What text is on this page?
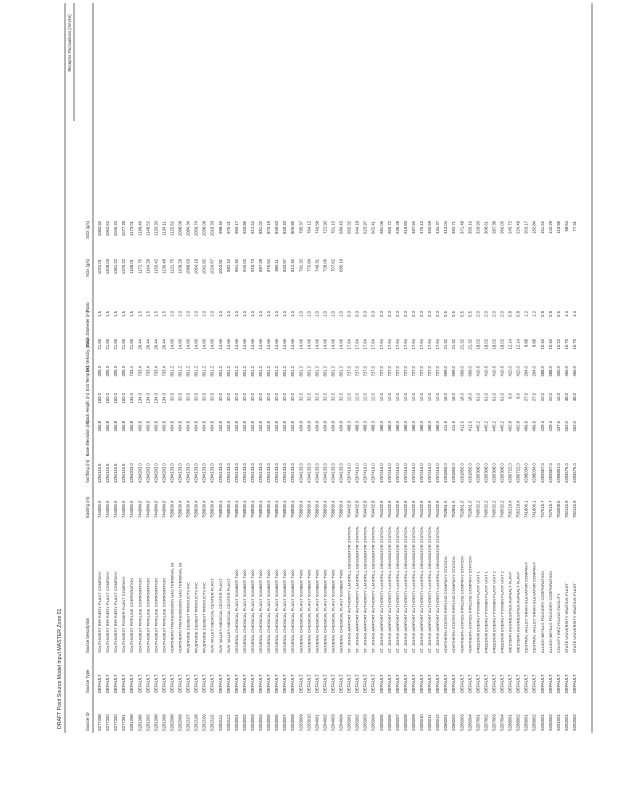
DRAFT Point Source Model Input MASTER Zone 01
Receptor Fluctuations (mm/Hr)
Source ID
Source Type
Source Description
Easting (m)
Northing (m)
Base Elevation (m)
Stack Height (m)
Exit Temp (K)
Exit Velocity (m/s)
Stack Diameter (m)
Ratio
NOx (g/s)
SO2 (g/s)
S277498
DEFAULT
SOUTHWEST REFINERY PLANT COMPANY
744984.6
4294115.5
450.8
183.0
305.3
21.66
1.5
1022.01
1082.60
S277332
DEFAULT
SOUTHWEST REFINERY PLANT COMPANY
744984.6
4294115.5
450.8
182.0
305.3
21.66
1.5
1408.03
1062.62
S277332
DEFAULT
SOUTHWEST REFINERY PLANT COMPANY
744984.6
4294115.5
450.8
182.0
305.3
21.66
1.5
1361.22
1046.24
S277391
DEFAULT
SOUTHWEST POWER PLANT COMPANY
744984.6
4294115.5
450.8
182.0
305.3
21.66
1.5
1376.22
1077.28
S281098
DEFAULT
SOUTHWEST PIPELINE CORPORATION
744984.6
4294203.0
450.8
134.0
733.4
21.66
1.5
1158.01
1173.01
S281086
DEFAULT
SOUTHWEST PIPELINE CORPORATION
744984.6
4294203.0
450.8
134.0
733.4
26.44
1.5
1172.76
1198.46
S281092
DEFAULT
SOUTHWEST PIPELINE CORPORATION
744984.6
4294203.0
450.8
134.0
733.4
26.44
1.5
1164.28
1148.52
S281098
DEFAULT
SOUTHWEST PIPELINE CORPORATION
744984.6
4294203.0
450.8
134.0
733.4
26.44
1.5
1150.42
1133.20
S281099
DEFAULT
SOUTHWEST PIPELINE CORPORATION
744984.6
4294203.0
450.8
134.0
733.4
26.44
1.5
1136.48
1134.11
S282098
DEFAULT
NORTHERN TRANSMISSION GAS TERMINAL 03
758830.4
4294133.0
434.8
32.0
801.2
14.66
1.0
1121.75
1125.62
S282099
DEFAULT
NORTHERN TRANSMISSION GAS TERMINAL 03
758830.4
4294133.0
434.8
32.0
801.2
14.66
1.0
1108.29
1098.09
S282107
DEFAULT
RIVERSIDE CEMENT PRODUCTS INC
758830.4
4294133.0
434.8
32.0
801.2
14.66
1.0
1088.63
1084.34
S282108
DEFAULT
RIVERSIDE CEMENT PRODUCTS INC
758830.4
4294133.0
434.8
32.0
801.2
14.66
1.0
1064.19
1059.74
S282109
DEFAULT
RIVERSIDE CEMENT PRODUCTS INC
758830.4
4294133.0
434.8
32.0
801.2
14.66
1.0
1042.82
1038.09
S282110
DEFAULT
SUN VALLEY MEDICAL CENTER PLANT
758830.4
4294133.0
434.8
32.0
801.2
14.66
1.0
1024.67
1018.33
S282111
DEFAULT
SUN VALLEY MEDICAL CENTER PLANT
758830.4
4294133.0
434.8
32.0
801.2
14.66
1.0
1003.81
998.46
S282112
DEFAULT
SUN VALLEY MEDICAL CENTER PLANT
758830.4
4294133.0
434.8
32.0
801.2
14.66
1.0
982.15
976.21
S283001
DEFAULT
GENERAL CHEMICAL PLANT NUMBER TWO
758830.4
4294133.0
434.8
32.0
801.2
14.66
1.0
961.46
955.17
S283002
DEFAULT
GENERAL CHEMICAL PLANT NUMBER TWO
758830.4
4294133.0
434.8
32.0
801.2
14.66
1.0
940.02
933.86
S283003
DEFAULT
GENERAL CHEMICAL PLANT NUMBER TWO
758830.4
4294133.0
434.8
32.0
801.2
14.66
1.0
918.73
912.44
S283004
DEFAULT
GENERAL CHEMICAL PLANT NUMBER TWO
758830.4
4294133.0
434.8
32.0
801.2
14.66
1.0
897.28
891.02
S283005
DEFAULT
GENERAL CHEMICAL PLANT NUMBER TWO
758830.4
4294133.0
434.8
32.0
801.2
14.66
1.0
876.54
870.19
S283006
DEFAULT
GENERAL CHEMICAL PLANT NUMBER TWO
758830.4
4294133.0
434.8
32.0
801.2
14.66
1.0
855.11
849.63
S283007
DEFAULT
GENERAL CHEMICAL PLANT NUMBER TWO
758830.4
4294133.0
434.8
32.0
801.2
14.66
1.0
833.97
828.40
S283008
DEFAULT
GENERAL CHEMICAL PLANT NUMBER TWO
758830.4
4294133.0
434.8
32.0
801.2
14.66
1.0
812.46
806.85
S283009
DEFAULT
GENERAL CHEMICAL PLANT NUMBER TWO
758830.4
4294133.0
434.8
32.0
801.2
14.66
1.0
791.20
785.37
S283010
DEFAULT
GENERAL CHEMICAL PLANT NUMBER TWO
758830.4
4294133.0
434.8
32.0
801.2
14.66
1.0
770.84
764.12
S284001
DEFAULT
GENERAL CHEMICAL PLANT NUMBER TWO
758830.4
4294133.0
434.8
32.0
801.2
14.66
1.0
749.31
743.58
S284002
DEFAULT
GENERAL CHEMICAL PLANT NUMBER TWO
758830.4
4294133.0
434.8
32.0
801.2
14.66
1.0
728.06
722.90
S284003
DEFAULT
GENERAL CHEMICAL PLANT NUMBER TWO
758830.4
4294133.0
434.8
32.0
801.2
14.66
1.0
707.62
701.15
S284004
DEFAULT
GENERAL CHEMICAL PLANT NUMBER TWO
758830.4
4294133.0
434.8
32.0
801.2
14.66
1.0
686.19
680.43
S285001
DEFAULT
ST. JOHNS AIRPORT AUTHORITY LANDFILL GENERATOR STATION
764432.8
4297416.0
488.3
12.0
727.0
17.64
0.3
665.32
S285002
DEFAULT
ST. JOHNS AIRPORT AUTHORITY LANDFILL GENERATOR STATION
764432.8
4297416.0
488.3
12.0
727.0
17.64
0.3
644.18
S285003
DEFAULT
ST. JOHNS AIRPORT AUTHORITY LANDFILL GENERATOR STATION
764432.8
4297416.0
488.3
12.0
727.0
17.64
0.3
623.97
S285004
DEFAULT
ST. JOHNS AIRPORT AUTHORITY LANDFILL GENERATOR STATION
764432.8
4297416.0
488.3
12.0
727.0
17.64
0.3
602.41
S285005
DEFAULT
ST. JOHNS AIRPORT AUTHORITY LANDFILL GENERATOR STATION
764432.8
4297416.0
488.3
12.0
727.0
17.64
0.3
581.06
S285006
DEFAULT
ST. JOHNS AIRPORT AUTHORITY LANDFILL GENERATOR STATION
764432.8
4297416.0
488.3
12.0
727.0
17.64
0.3
560.72
S285007
DEFAULT
ST. JOHNS AIRPORT AUTHORITY LANDFILL GENERATOR STATION
764432.8
4297416.0
488.3
12.0
727.0
17.64
0.3
539.28
S285008
DEFAULT
ST. JOHNS AIRPORT AUTHORITY LANDFILL GENERATOR STATION
764432.8
4297416.0
488.3
12.0
727.0
17.64
0.3
518.83
S285009
DEFAULT
ST. JOHNS AIRPORT AUTHORITY LANDFILL GENERATOR STATION
764432.8
4297416.0
488.3
12.0
727.0
17.64
0.3
497.55
S285010
DEFAULT
ST. JOHNS AIRPORT AUTHORITY LANDFILL GENERATOR STATION
764432.8
4297416.0
488.3
12.0
727.0
17.64
0.3
476.12
S285011
DEFAULT
ST. JOHNS AIRPORT AUTHORITY LANDFILL GENERATOR STATION
764432.8
4297416.0
488.3
12.0
727.0
17.64
0.3
455.69
S285012
DEFAULT
ST. JOHNS AIRPORT AUTHORITY LANDFILL GENERATOR STATION
764432.8
4297416.0
488.3
12.0
727.0
17.64
0.3
434.37
S286001
DEFAULT
NORTHERN STATES PIPELINE COMPANY STATION
752861.0
4291850.0
411.6
18.0
699.0
21.32
0.5
413.04
S286002
DEFAULT
NORTHERN STATES PIPELINE COMPANY STATION
752861.0
4291850.0
411.6
18.0
699.0
21.32
0.5
392.71
S286003
DEFAULT
NORTHERN STATES PIPELINE COMPANY STATION
752861.0
4291850.0
411.6
18.0
699.0
21.32
0.5
371.48
S286004
DEFAULT
NORTHERN STATES PIPELINE COMPANY STATION
752861.0
4291850.0
411.6
18.0
699.0
21.32
0.5
350.16
S287001
DEFAULT
FREEDOM ENERGY POWER PLANT UNIT 1
749532.2
4295308.0
445.2
61.0
410.5
18.02
2.0
329.93
S287002
DEFAULT
FREEDOM ENERGY POWER PLANT UNIT 1
749532.2
4295308.0
445.2
61.0
410.5
18.02
2.0
308.61
S287003
DEFAULT
FREEDOM ENERGY POWER PLANT UNIT 2
749532.2
4295308.0
445.2
61.0
410.5
18.02
2.0
287.38
S287004
DEFAULT
FREEDOM ENERGY POWER PLANT UNIT 2
749532.2
4295308.0
445.2
61.0
410.5
18.02
2.0
266.05
S288001
DEFAULT
WESTERN AGGREGATES ASPHALT PLANT
756219.4
4290722.0
402.8
9.0
422.0
12.14
0.8
245.72
S288002
DEFAULT
WESTERN AGGREGATES ASPHALT PLANT
756219.4
4290722.0
402.8
9.0
422.0
12.14
0.8
224.49
S289001
DEFAULT
CENTRAL VALLEY GRAIN ELEVATOR COMPANY
741806.1
4298034.0
466.9
27.0
294.0
8.88
1.2
203.17
S289002
DEFAULT
CENTRAL VALLEY GRAIN ELEVATOR COMPANY
741806.1
4298034.0
466.9
27.0
294.0
8.88
1.2
182.84
S290001
DEFAULT
ALLIED METALS FOUNDRY CORPORATION
747615.7
4292587.0
429.3
22.0
588.0
15.40
0.9
161.52
S290002
DEFAULT
ALLIED METALS FOUNDRY CORPORATION
747615.7
4292587.0
429.3
22.0
588.0
15.40
0.9
140.29
S291001
DEFAULT
COUNTY RECYCLING FACILITY
753308.5
4296891.0
437.6
15.0
355.0
10.22
0.6
119.96
S292001
DEFAULT
STATE UNIVERSITY HEATING PLANT
760144.9
4293476.0
452.0
38.0
466.0
16.75
1.4
98.64
S292002
DEFAULT
STATE UNIVERSITY HEATING PLANT
760144.9
4293476.0
452.0
38.0
466.0
16.75
1.4
77.31
